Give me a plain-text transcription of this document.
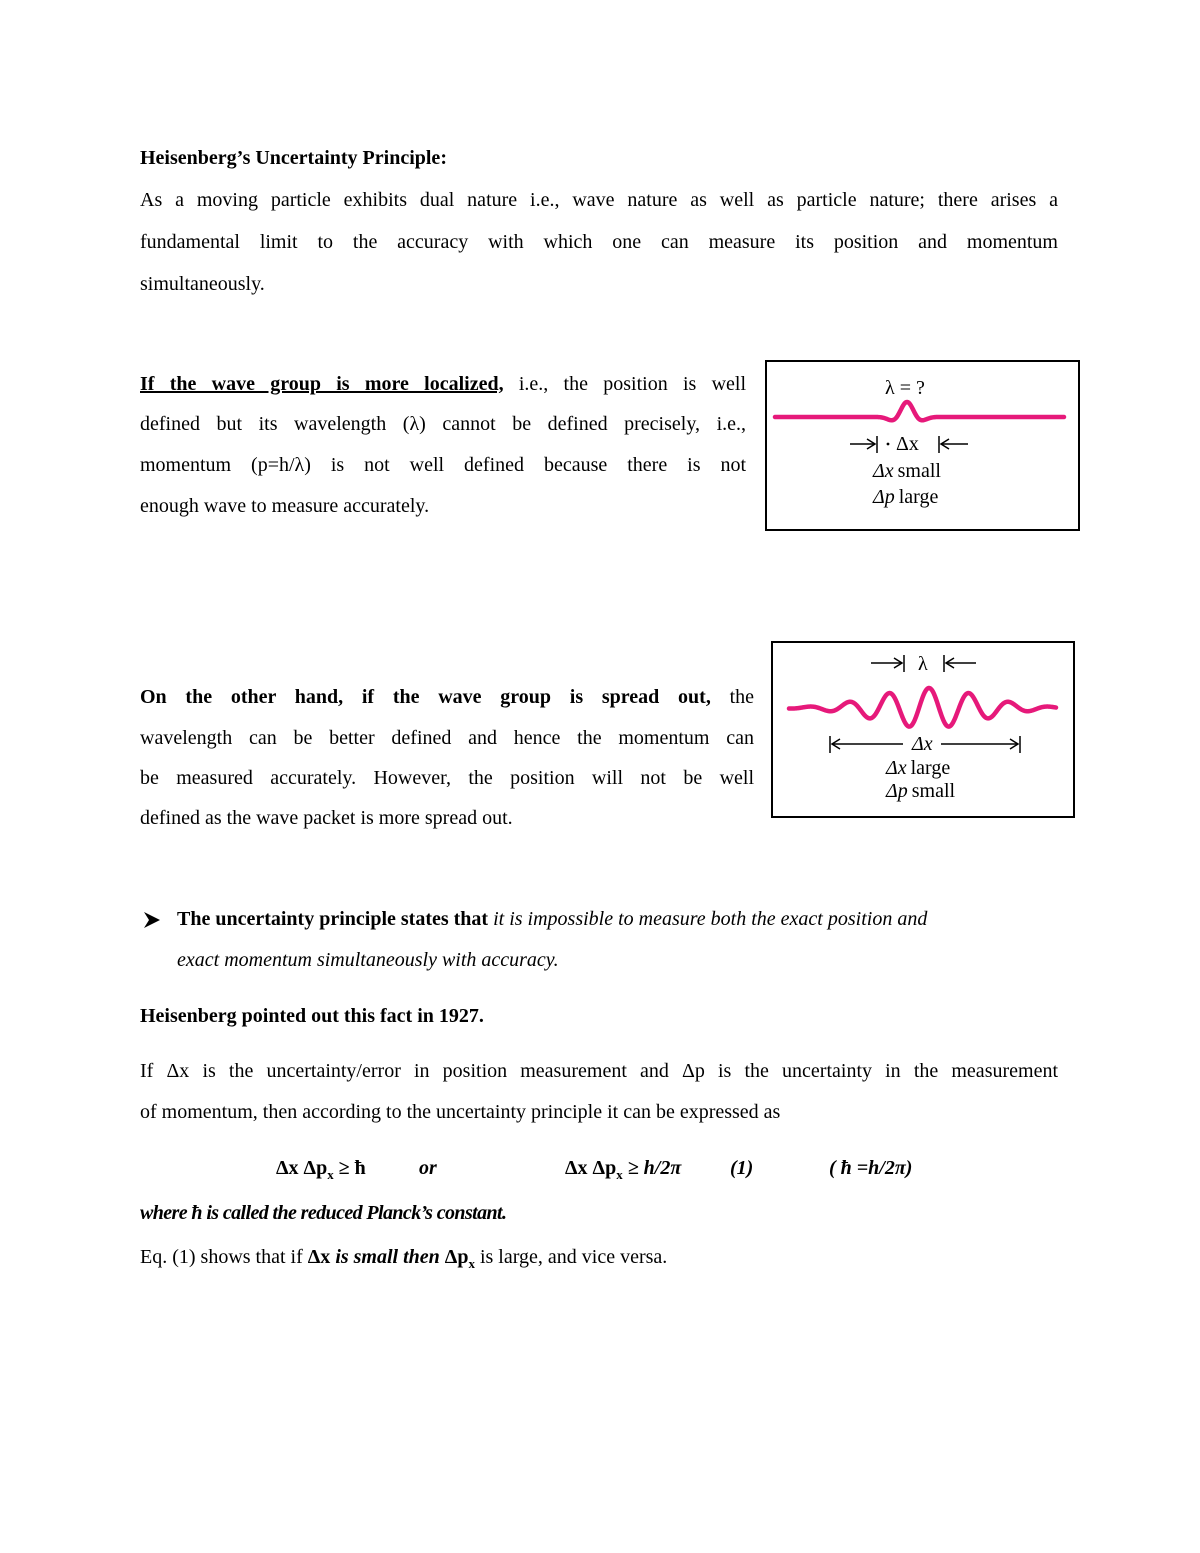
Heisenberg’s Uncertainty Principle:
As a moving particle exhibits dual nature i.e., wave nature as well as particle nature; there arises a
fundamental limit to the accuracy with which one can measure its position and momentum
simultaneously.
If the wave group is more localized, i.e., the position is well
defined but its wavelength (λ) cannot be defined precisely, i.e.,
momentum (p=h/λ) is not well defined because there is not
enough wave to measure accurately.
λ = ?
Δx
Δx small
Δp large
On the other hand, if the wave group is spread out, the
wavelength can be better defined and hence the momentum can
be measured accurately. However, the position will not be well
defined as the wave packet is more spread out.
λ
Δx
Δx large
Δp small
The uncertainty principle states that it is impossible to measure both the exact position and
exact momentum simultaneously with accuracy.
Heisenberg pointed out this fact in 1927.
If Δx is the uncertainty/error in position measurement and Δp is the uncertainty in the measurement
of momentum, then according to the uncertainty principle it can be expressed as
Δx $\Delta p_x$ ≥ ħ	or	Δx $\Delta p_x \ge h/2\pi$ (1)	( ħ =h/2π)
where ħ is called the reduced Planck’s constant.
Eq. (1) shows that if Δx is small then $\Delta p_x$ is large, and vice versa.
